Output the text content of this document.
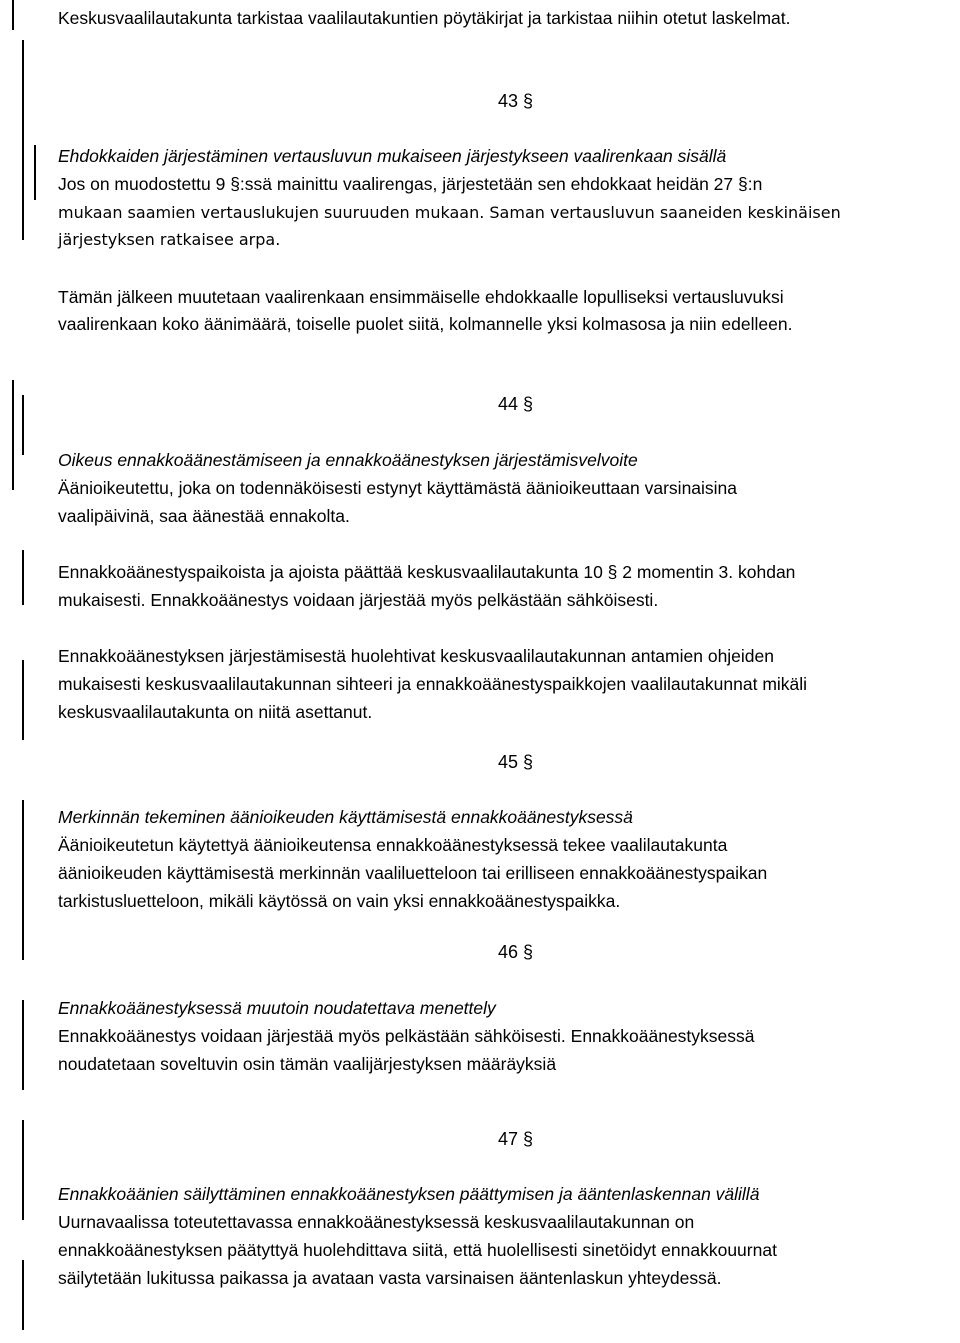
Keskusvaalilautakunta tarkistaa vaalilautakuntien pöytäkirjat ja tarkistaa niihin otetut laskelmat.

43 §

Ehdokkaiden järjestäminen vertausluvun mukaiseen järjestykseen vaalirenkaan sisällä

Jos on muodostettu 9 §:ssä mainittu vaalirengas, järjestetään sen ehdokkaat heidän 27 §:n

mukaan saamien vertauslukujen suuruuden mukaan. Saman vertausluvun saaneiden keskinäisen

järjestyksen ratkaisee arpa.

Tämän jälkeen muutetaan vaalirenkaan ensimmäiselle ehdokkaalle lopulliseksi vertausluvuksi

vaalirenkaan koko äänimäärä, toiselle puolet siitä, kolmannelle yksi kolmasosa ja niin edelleen.

44 §

Oikeus ennakkoäänestämiseen ja ennakkoäänestyksen järjestämisvelvoite

Äänioikeutettu, joka on todennäköisesti estynyt käyttämästä äänioikeuttaan varsinaisina

vaalipäivinä, saa äänestää ennakolta.

Ennakkoäänestyspaikoista ja ajoista päättää keskusvaalilautakunta 10 § 2 momentin 3. kohdan

mukaisesti. Ennakkoäänestys voidaan järjestää myös pelkästään sähköisesti.

Ennakkoäänestyksen järjestämisestä huolehtivat keskusvaalilautakunnan antamien ohjeiden

mukaisesti keskusvaalilautakunnan sihteeri ja ennakkoäänestyspaikkojen vaalilautakunnat mikäli

keskusvaalilautakunta on niitä asettanut.

45 §

Merkinnän tekeminen äänioikeuden käyttämisestä ennakkoäänestyksessä

Äänioikeutetun käytettyä äänioikeutensa ennakkoäänestyksessä tekee vaalilautakunta

äänioikeuden käyttämisestä merkinnän vaaliluetteloon tai erilliseen ennakkoäänestyspaikan

tarkistusluetteloon, mikäli käytössä on vain yksi ennakkoäänestyspaikka.

46 §

Ennakkoäänestyksessä muutoin noudatettava menettely

Ennakkoäänestys voidaan järjestää myös pelkästään sähköisesti. Ennakkoäänestyksessä

noudatetaan soveltuvin osin tämän vaalijärjestyksen määräyksiä

47 §

Ennakkoäänien säilyttäminen ennakkoäänestyksen päättymisen ja ääntenlaskennan välillä

Uurnavaalissa toteutettavassa ennakkoäänestyksessä keskusvaalilautakunnan on

ennakkoäänestyksen päätyttyä huolehdittava siitä, että huolellisesti sinetöidyt ennakkouurnat

säilytetään lukitussa paikassa ja avataan vasta varsinaisen ääntenlaskun yhteydessä.
